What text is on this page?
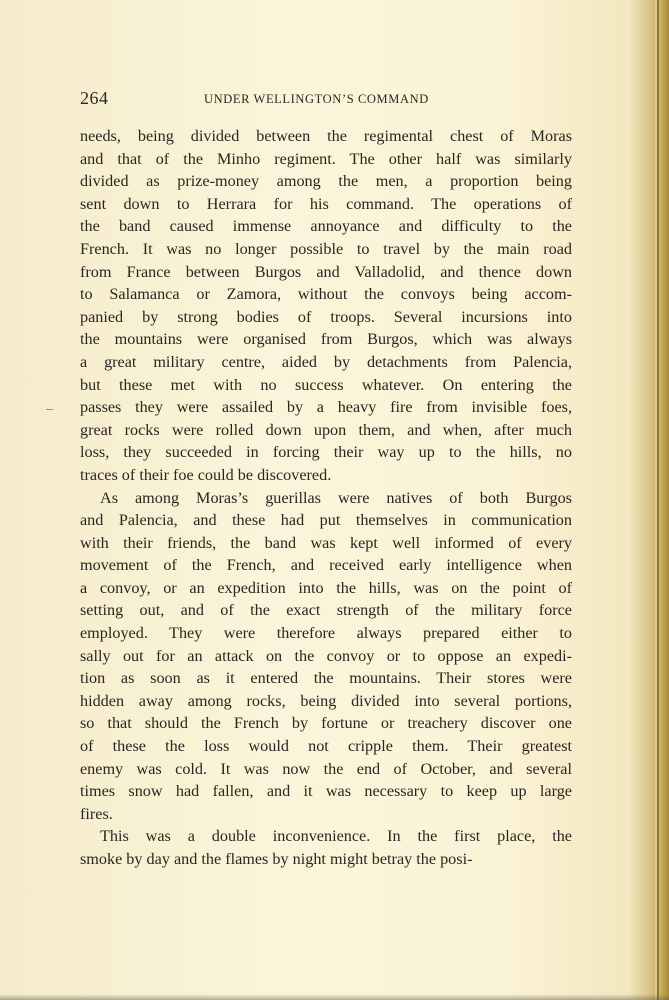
264	UNDER WELLINGTON’S COMMAND
needs, being divided between the regimental chest of Moras
and that of the Minho regiment. The other half was similarly
divided as prize-money among the men, a proportion being
sent down to Herrara for his command. The operations of
the band caused immense annoyance and difficulty to the
French. It was no longer possible to travel by the main road
from France between Burgos and Valladolid, and thence down
to Salamanca or Zamora, without the convoys being accom-
panied by strong bodies of troops. Several incursions into
the mountains were organised from Burgos, which was always
a great military centre, aided by detachments from Palencia,
but these met with no success whatever. On entering the
passes they were assailed by a heavy fire from invisible foes,
great rocks were rolled down upon them, and when, after much
loss, they succeeded in forcing their way up to the hills, no
traces of their foe could be discovered.
As among Moras’s guerillas were natives of both Burgos
and Palencia, and these had put themselves in communication
with their friends, the band was kept well informed of every
movement of the French, and received early intelligence when
a convoy, or an expedition into the hills, was on the point of
setting out, and of the exact strength of the military force
employed. They were therefore always prepared either to
sally out for an attack on the convoy or to oppose an expedi-
tion as soon as it entered the mountains. Their stores were
hidden away among rocks, being divided into several portions,
so that should the French by fortune or treachery discover one
of these the loss would not cripple them. Their greatest
enemy was cold. It was now the end of October, and several
times snow had fallen, and it was necessary to keep up large
fires.
This was a double inconvenience. In the first place, the
smoke by day and the flames by night might betray the posi-
